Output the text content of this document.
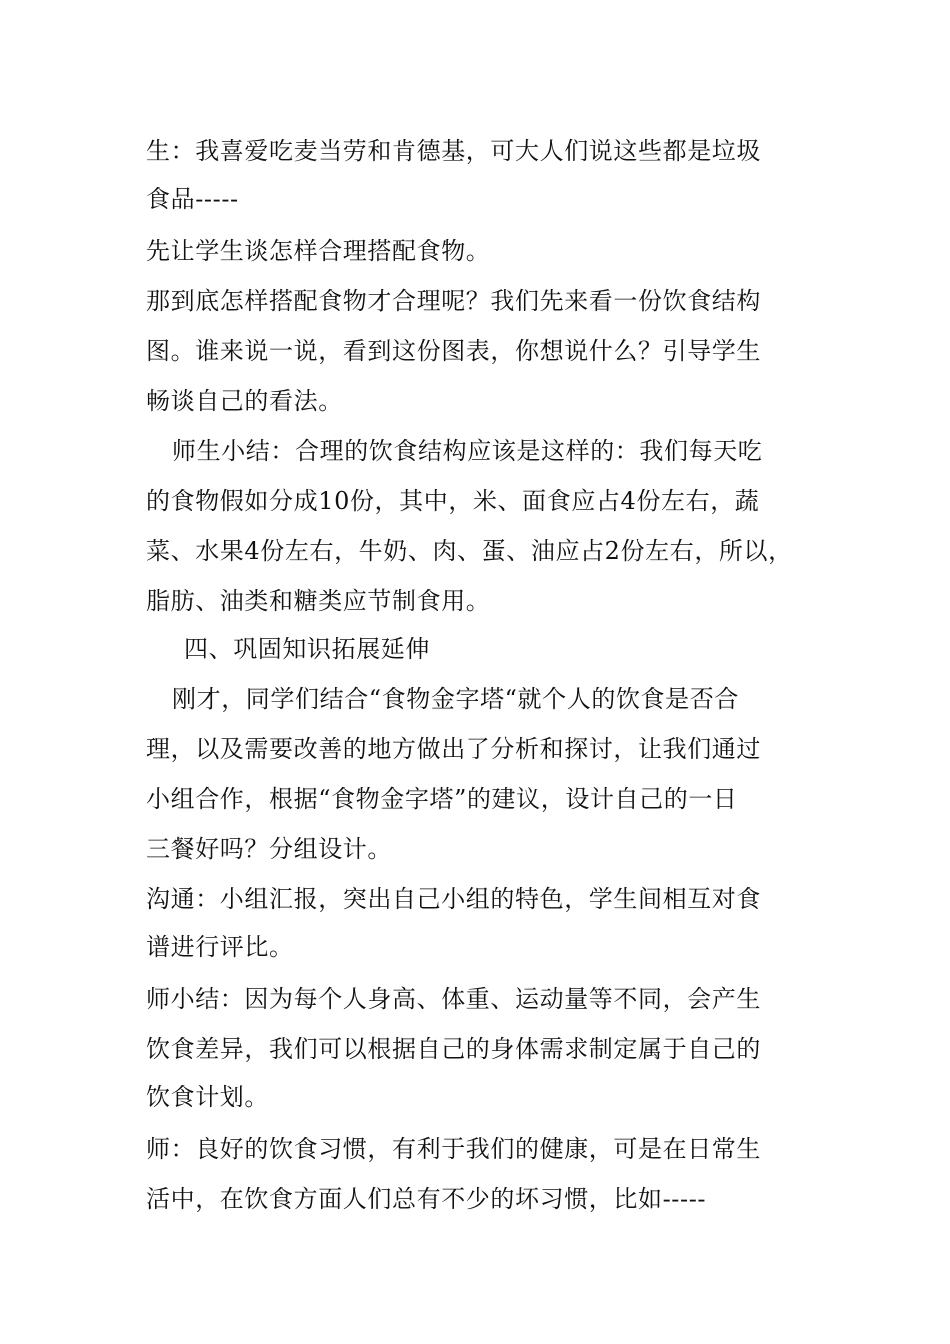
生：我喜爱吃麦当劳和肯德基，可大人们说这些都是垃圾
食品-----
先让学生谈怎样合理搭配食物。
那到底怎样搭配食物才合理呢？我们先来看一份饮食结构
图。谁来说一说，看到这份图表，你想说什么？引导学生
畅谈自己的看法。
师生小结：合理的饮食结构应该是这样的：我们每天吃
的食物假如分成10份，其中，米、面食应占4份左右，蔬
菜、水果4份左右，牛奶、肉、蛋、油应占2份左右，所以，
脂肪、油类和糖类应节制食用。
四、巩固知识拓展延伸
刚才，同学们结合“食物金字塔“就个人的饮食是否合
理，以及需要改善的地方做出了分析和探讨，让我们通过
小组合作，根据“食物金字塔”的建议，设计自己的一日
三餐好吗？分组设计。
沟通：小组汇报，突出自己小组的特色，学生间相互对食
谱进行评比。
师小结：因为每个人身高、体重、运动量等不同，会产生
饮食差异，我们可以根据自己的身体需求制定属于自己的
饮食计划。
师：良好的饮食习惯，有利于我们的健康，可是在日常生
活中，在饮食方面人们总有不少的坏习惯，比如-----
